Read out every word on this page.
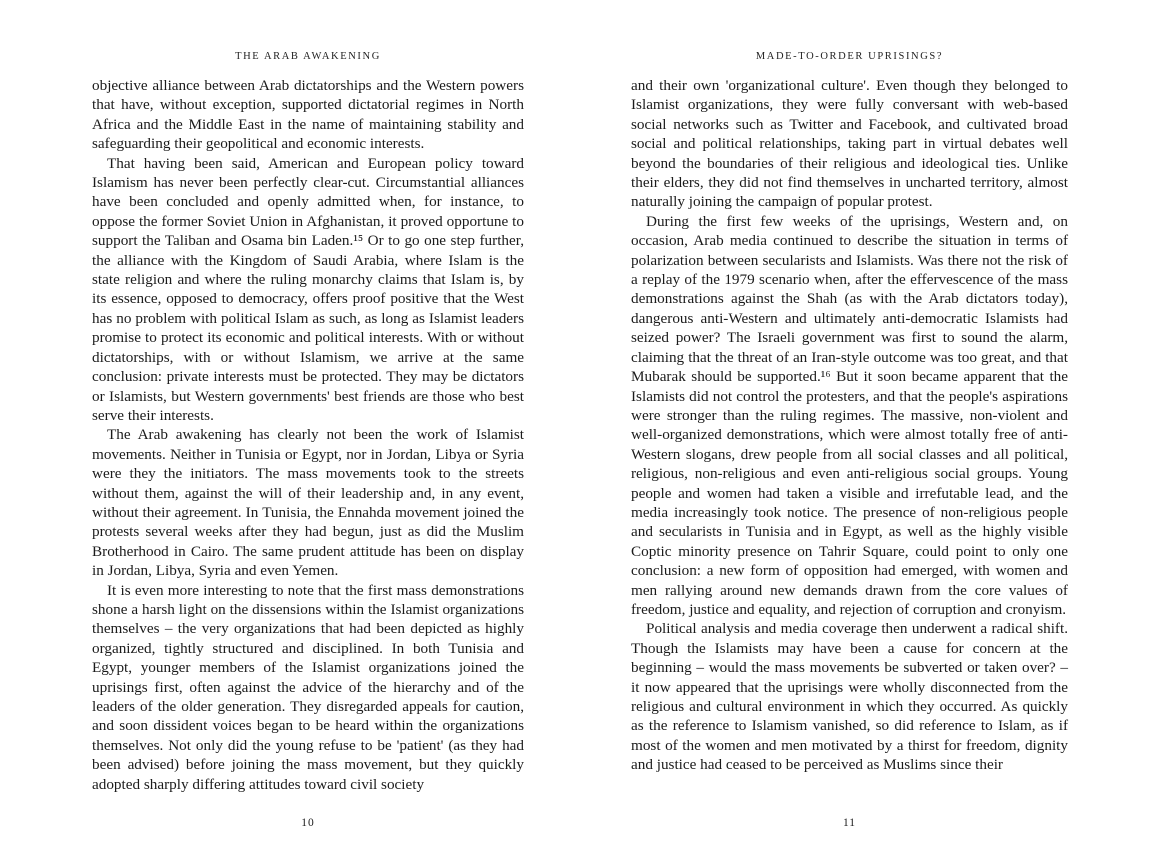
THE ARAB AWAKENING

objective alliance between Arab dictatorships and the Western powers that have, without exception, supported dictatorial regimes in North Africa and the Middle East in the name of maintaining stability and safeguarding their geopolitical and economic interests.

That having been said, American and European policy toward Islamism has never been perfectly clear-cut. Circumstantial alliances have been concluded and openly admitted when, for instance, to oppose the former Soviet Union in Afghanistan, it proved opportune to support the Taliban and Osama bin Laden.¹⁵ Or to go one step further, the alliance with the Kingdom of Saudi Arabia, where Islam is the state religion and where the ruling monarchy claims that Islam is, by its essence, opposed to democracy, offers proof positive that the West has no problem with political Islam as such, as long as Islamist leaders promise to protect its economic and political interests. With or without dictatorships, with or without Islamism, we arrive at the same conclusion: private interests must be protected. They may be dictators or Islamists, but Western governments' best friends are those who best serve their interests.

The Arab awakening has clearly not been the work of Islamist movements. Neither in Tunisia or Egypt, nor in Jordan, Libya or Syria were they the initiators. The mass movements took to the streets without them, against the will of their leadership and, in any event, without their agreement. In Tunisia, the Ennahda movement joined the protests several weeks after they had begun, just as did the Muslim Brotherhood in Cairo. The same prudent attitude has been on display in Jordan, Libya, Syria and even Yemen.

It is even more interesting to note that the first mass demonstrations shone a harsh light on the dissensions within the Islamist organizations themselves – the very organizations that had been depicted as highly organized, tightly structured and disciplined. In both Tunisia and Egypt, younger members of the Islamist organizations joined the uprisings first, often against the advice of the hierarchy and of the leaders of the older generation. They disregarded appeals for caution, and soon dissident voices began to be heard within the organizations themselves. Not only did the young refuse to be 'patient' (as they had been advised) before joining the mass movement, but they quickly adopted sharply differing attitudes toward civil society

10
MADE-TO-ORDER UPRISINGS?

and their own 'organizational culture'. Even though they belonged to Islamist organizations, they were fully conversant with web-based social networks such as Twitter and Facebook, and cultivated broad social and political relationships, taking part in virtual debates well beyond the boundaries of their religious and ideological ties. Unlike their elders, they did not find themselves in uncharted territory, almost naturally joining the campaign of popular protest.

During the first few weeks of the uprisings, Western and, on occasion, Arab media continued to describe the situation in terms of polarization between secularists and Islamists. Was there not the risk of a replay of the 1979 scenario when, after the effervescence of the mass demonstrations against the Shah (as with the Arab dictators today), dangerous anti-Western and ultimately anti-democratic Islamists had seized power? The Israeli government was first to sound the alarm, claiming that the threat of an Iran-style outcome was too great, and that Mubarak should be supported.¹⁶ But it soon became apparent that the Islamists did not control the protesters, and that the people's aspirations were stronger than the ruling regimes. The massive, non-violent and well-organized demonstrations, which were almost totally free of anti-Western slogans, drew people from all social classes and all political, religious, non-religious and even anti-religious social groups. Young people and women had taken a visible and irrefutable lead, and the media increasingly took notice. The presence of non-religious people and secularists in Tunisia and in Egypt, as well as the highly visible Coptic minority presence on Tahrir Square, could point to only one conclusion: a new form of opposition had emerged, with women and men rallying around new demands drawn from the core values of freedom, justice and equality, and rejection of corruption and cronyism.

Political analysis and media coverage then underwent a radical shift. Though the Islamists may have been a cause for concern at the beginning – would the mass movements be subverted or taken over? – it now appeared that the uprisings were wholly disconnected from the religious and cultural environment in which they occurred. As quickly as the reference to Islamism vanished, so did reference to Islam, as if most of the women and men motivated by a thirst for freedom, dignity and justice had ceased to be perceived as Muslims since their

11
